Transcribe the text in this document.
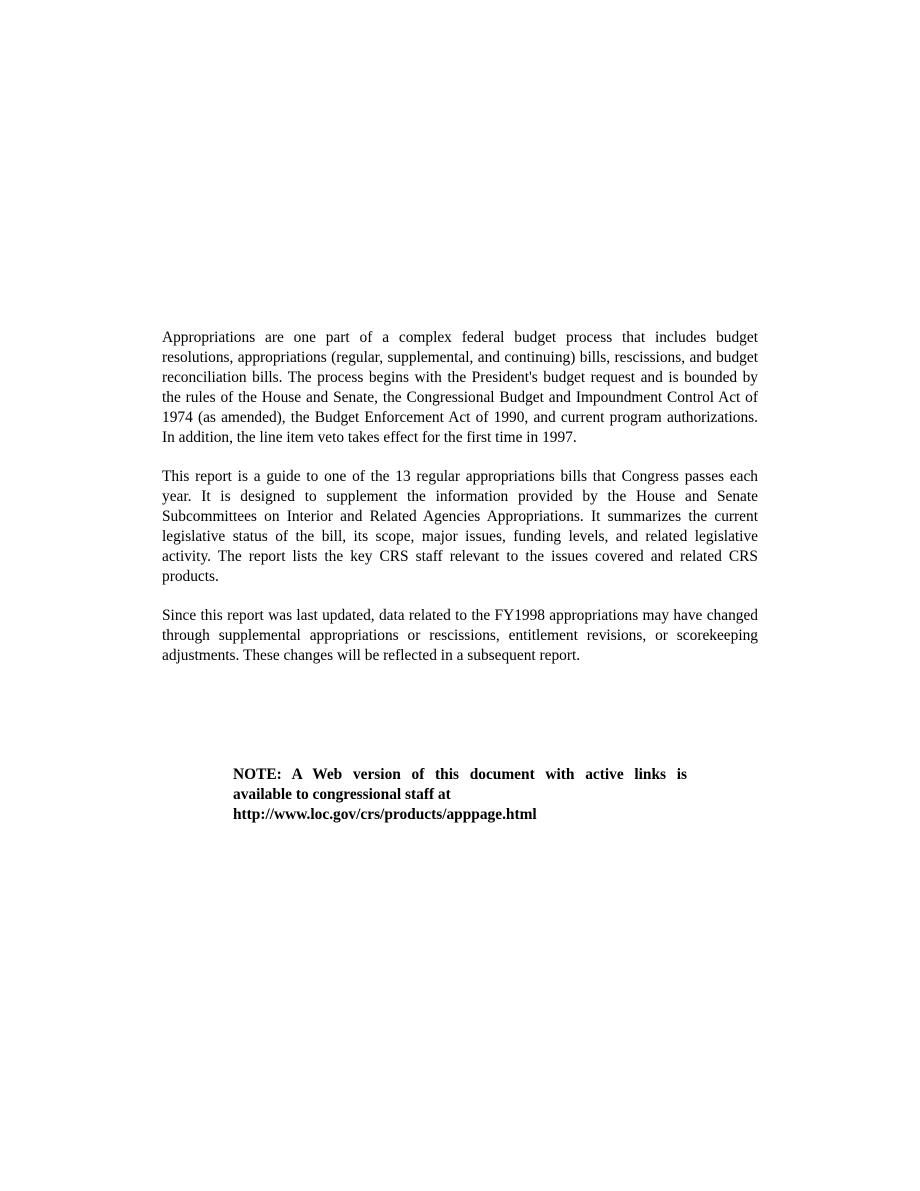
Appropriations are one part of a complex federal budget process that includes budget resolutions, appropriations (regular, supplemental, and continuing) bills, rescissions, and budget reconciliation bills. The process begins with the President's budget request and is bounded by the rules of the House and Senate, the Congressional Budget and Impoundment Control Act of 1974 (as amended), the Budget Enforcement Act of 1990, and current program authorizations. In addition, the line item veto takes effect for the first time in 1997.

This report is a guide to one of the 13 regular appropriations bills that Congress passes each year. It is designed to supplement the information provided by the House and Senate Subcommittees on Interior and Related Agencies Appropriations. It summarizes the current legislative status of the bill, its scope, major issues, funding levels, and related legislative activity. The report lists the key CRS staff relevant to the issues covered and related CRS products.

Since this report was last updated, data related to the FY1998 appropriations may have changed through supplemental appropriations or rescissions, entitlement revisions, or scorekeeping adjustments. These changes will be reflected in a subsequent report.

NOTE: A Web version of this document with active links is
available to congressional staff at
http://www.loc.gov/crs/products/apppage.html
